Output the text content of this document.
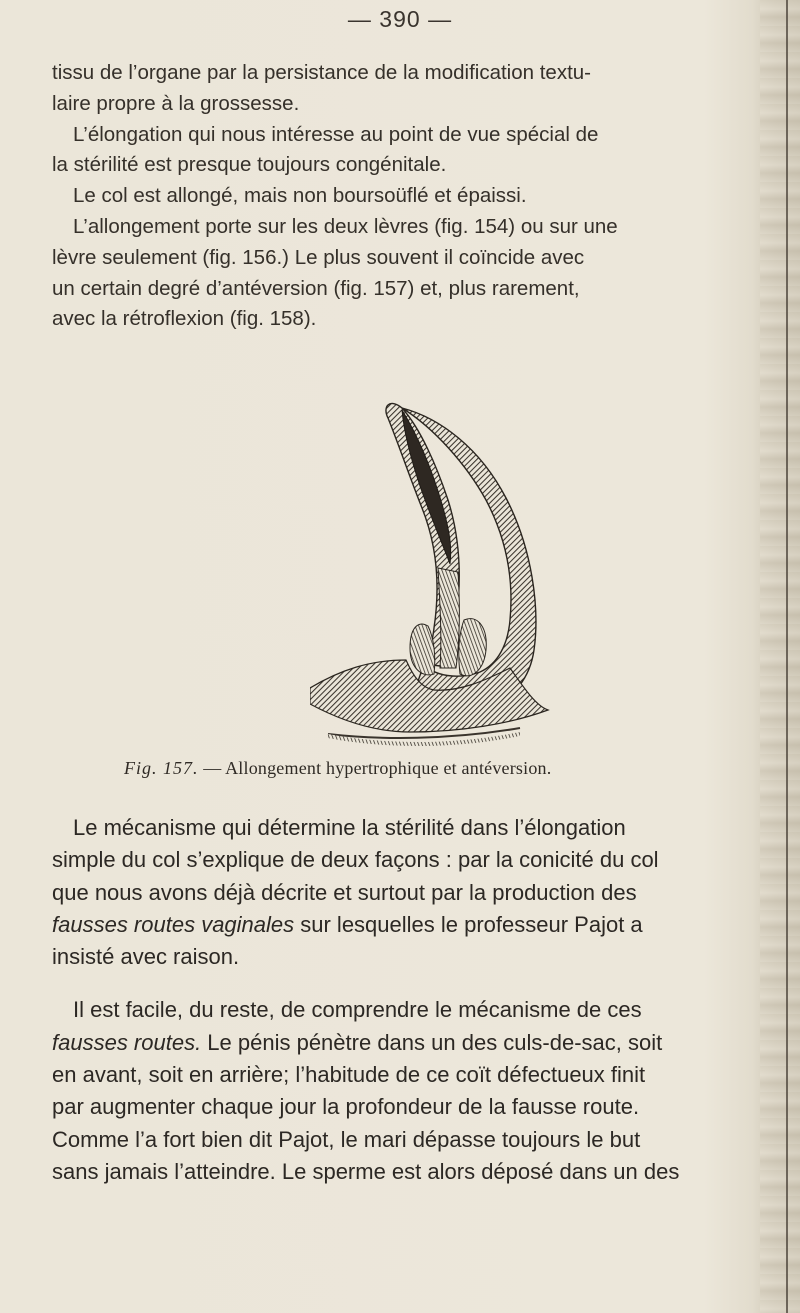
— 390 —

tissu de l’organe par la persistance de la modification textu-
laire propre à la grossesse.

L’élongation qui nous intéresse au point de vue spécial de
la stérilité est presque toujours congénitale.

Le col est allongé, mais non boursoüflé et épaissi.

L’allongement porte sur les deux lèvres (fig. 154) ou sur une
lèvre seulement (fig. 156.) Le plus souvent il coïncide avec
un certain degré d’antéversion (fig. 157) et, plus rarement,
avec la rétroflexion (fig. 158).

Fig. 157. — Allongement hypertrophique et antéversion.

Le mécanisme qui détermine la stérilité dans l’élongation
simple du col s’explique de deux façons : par la conicité du col
que nous avons déjà décrite et surtout par la production des
fausses routes vaginales sur lesquelles le professeur Pajot a
insisté avec raison.

Il est facile, du reste, de comprendre le mécanisme de ces
fausses routes. Le pénis pénètre dans un des culs-de-sac, soit
en avant, soit en arrière; l’habitude de ce coït défectueux finit
par augmenter chaque jour la profondeur de la fausse route.
Comme l’a fort bien dit Pajot, le mari dépasse toujours le but
sans jamais l’atteindre. Le sperme est alors déposé dans un des
